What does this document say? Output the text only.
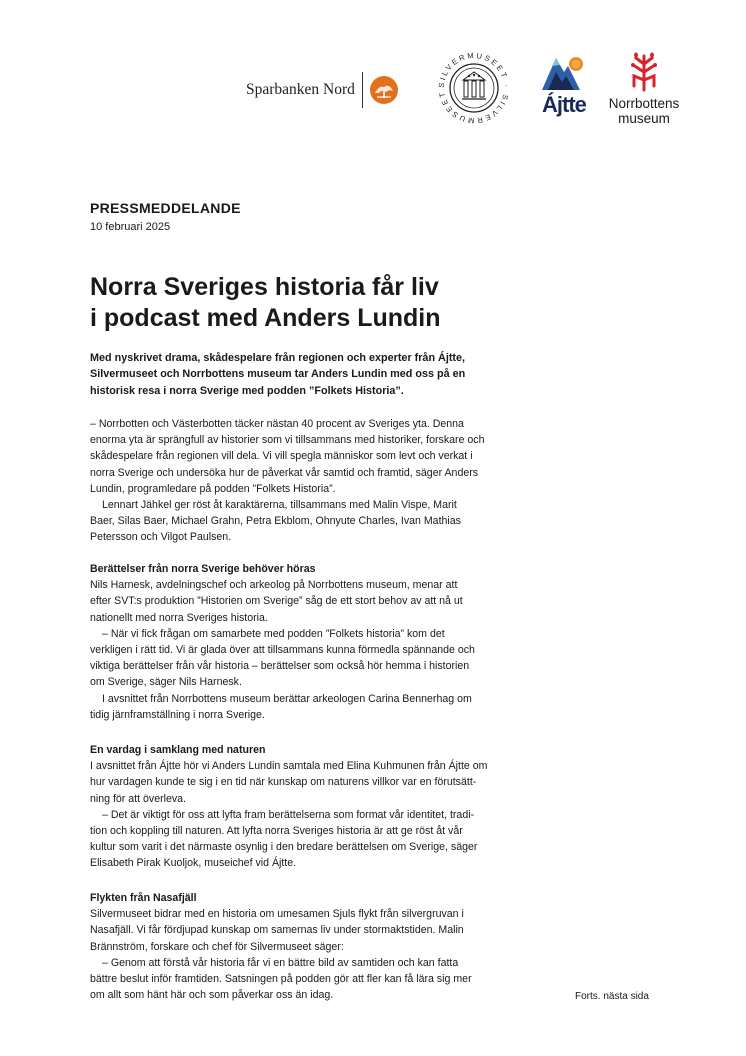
Sparbanken Nord	SILVERMUSEET · SILVERMUSEET	Ájtte Norrbottens
museum
PRESSMEDDELANDE
10 februari 2025
Norra Sveriges historia får liv
i podcast med Anders Lundin

Med nyskrivet drama, skådespelare från regionen och experter från Ájtte,
Silvermuseet och Norrbottens museum tar Anders Lundin med oss på en
historisk resa i norra Sverige med podden ”Folkets Historia”.

– Norrbotten och Västerbotten täcker nästan 40 procent av Sveriges yta. Denna
enorma yta är sprängfull av historier som vi tillsammans med historiker, forskare och
skådespelare från regionen vill dela. Vi vill spegla människor som levt och verkat i
norra Sverige och undersöka hur de påverkat vår samtid och framtid, säger Anders
Lundin, programledare på podden ”Folkets Historia”.
Lennart Jähkel ger röst åt karaktärerna, tillsammans med Malin Vispe, Marit
Baer, Silas Baer, Michael Grahn, Petra Ekblom, Ohnyute Charles, Ivan Mathias
Petersson och Vilgot Paulsen.
Berättelser från norra Sverige behöver höras
Nils Harnesk, avdelningschef och arkeolog på Norrbottens museum, menar att
efter SVT:s produktion ”Historien om Sverige” såg de ett stort behov av att nå ut
nationellt med norra Sveriges historia.
– När vi fick frågan om samarbete med podden ”Folkets historia” kom det
verkligen i rätt tid. Vi är glada över att tillsammans kunna förmedla spännande och
viktiga berättelser från vår historia – berättelser som också hör hemma i historien
om Sverige, säger Nils Harnesk.
I avsnittet från Norrbottens museum berättar arkeologen Carina Bennerhag om
tidig järnframställning i norra Sverige.
En vardag i samklang med naturen
I avsnittet från Ájtte hör vi Anders Lundin samtala med Elina Kuhmunen från Ájtte om
hur vardagen kunde te sig i en tid när kunskap om naturens villkor var en förutsätt-
ning för att överleva.
– Det är viktigt för oss att lyfta fram berättelserna som format vår identitet, tradi-
tion och koppling till naturen. Att lyfta norra Sveriges historia är att ge röst åt vår
kultur som varit i det närmaste osynlig i den bredare berättelsen om Sverige, säger
Elisabeth Pirak Kuoljok, museichef vid Ájtte.
Flykten från Nasafjäll
Silvermuseet bidrar med en historia om umesamen Sjuls flykt från silvergruvan i
Nasafjäll. Vi får fördjupad kunskap om samernas liv under stormaktstiden. Malin
Brännström, forskare och chef för Silvermuseet säger:
– Genom att förstå vår historia får vi en bättre bild av samtiden och kan fatta
bättre beslut inför framtiden. Satsningen på podden gör att fler kan få lära sig mer
om allt som hänt här och som påverkar oss än idag.	Forts. nästa sida
